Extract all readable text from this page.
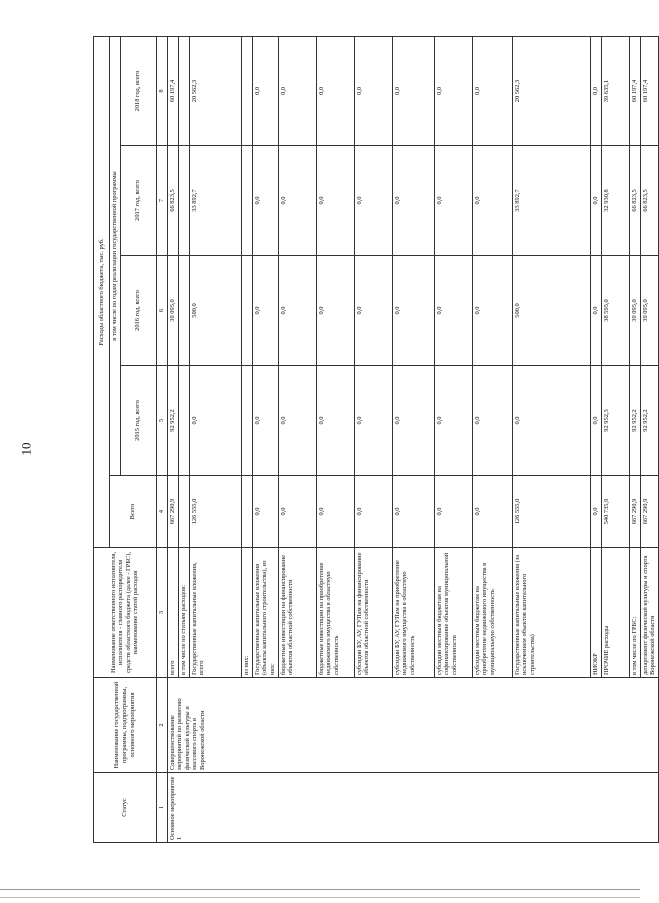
10
Статус	Наименование государственной программы, подпрограммы, основного мероприятия	Наименование ответственного исполнителя, исполнителя - главного распорядителя средств областного бюджета (далее - ГРБС), наименование статей расходов	Расходы областного бюджета, тыс. руб.				
			Всего	в том числе по годам реализации государственной программы			
				2015 год, всего	2016 год, всего	2017 год, всего	2018 год, всего
1	2	3	4	5	6	7	8
Основное мероприятие 1	Совершенствование мероприятий по развитию физической культуры и массового спорта в Воронежской области	всего	667 290,9	92 952,2	39 095,0	66 823,5	60 197,4
		в том числе по статьям расходов:					
		Государственные капитальные вложения, всего	126 555,0	0,0	500,0	33 892,7	20 562,3
		из них:					
		Государственные капитальные вложения (объекты капитального строительства), из них:	0,0	0,0	0,0	0,0	0,0
		бюджетные инвестиции на финансирование объектов областной собственности	0,0	0,0	0,0	0,0	0,0
		бюджетные инвестиции на приобретение недвижимого имущества в областную собственность	0,0	0,0	0,0	0,0	0,0
		субсидии БУ, АУ, ГУПам на финансирование объектов областной собственности	0,0	0,0	0,0	0,0	0,0
		субсидии БУ, АУ, ГУПам на приобретение недвижимого имущества в областную собственность	0,0	0,0	0,0	0,0	0,0
		субсидии местным бюджетам на софинансирование объектов муниципальной собственности	0,0	0,0	0,0	0,0	0,0
		субсидии местным бюджетам на приобретение недвижимого имущества в муниципальную собственность	0,0	0,0	0,0	0,0	0,0
		Государственные капитальные вложения (за исключением объектов капитального строительства)	126 555,0	0,0	500,0	33 892,7	20 562,3
		НИОКР	0,0	0,0	0,0	0,0	0,0
		ПРОЧИЕ расходы	540 735,9	92 952,3	38 595,0	32 930,8	39 635,1
		в том числе по ГРБС:	667 290,9	92 952,2	39 095,0	66 823,5	60 197,4
		департамент физической культуры и спорта Воронежской области	667 290,9	92 952,2	39 095,0	66 823,5	60 197,4
